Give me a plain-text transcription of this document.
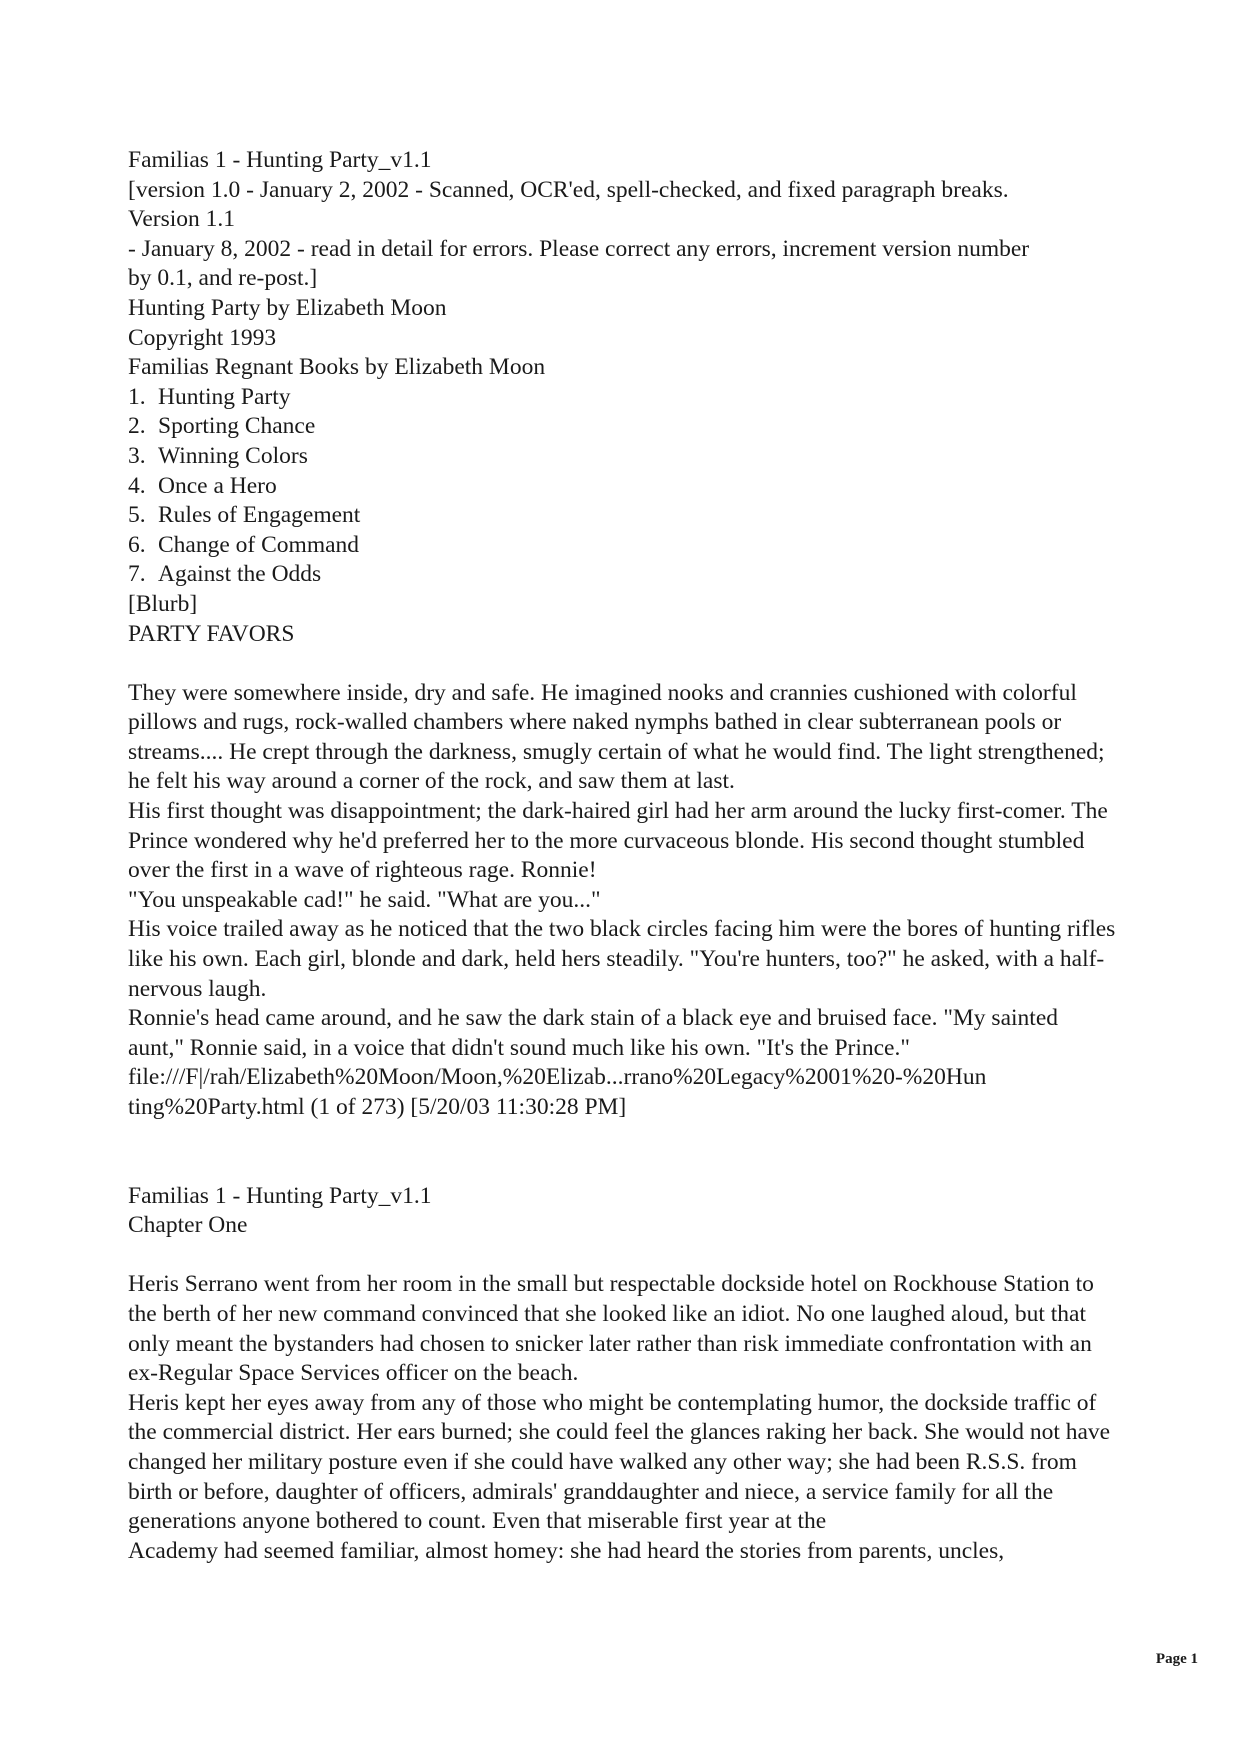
Familias 1 - Hunting Party_v1.1
[version 1.0 - January 2, 2002 - Scanned, OCR'ed, spell-checked, and fixed paragraph breaks.
Version 1.1
- January 8, 2002 - read in detail for errors. Please correct any errors, increment version number
by 0.1, and re-post.]
Hunting Party by Elizabeth Moon
Copyright 1993
Familias Regnant Books by Elizabeth Moon
1. Hunting Party
2. Sporting Chance
3. Winning Colors
4. Once a Hero
5. Rules of Engagement
6. Change of Command
7. Against the Odds
[Blurb]
PARTY FAVORS
They were somewhere inside, dry and safe. He imagined nooks and crannies cushioned with colorful pillows and rugs, rock-walled chambers where naked nymphs bathed in clear subterranean pools or streams.... He crept through the darkness, smugly certain of what he would find. The light strengthened; he felt his way around a corner of the rock, and saw them at last.
His first thought was disappointment; the dark-haired girl had her arm around the lucky first-comer. The Prince wondered why he'd preferred her to the more curvaceous blonde. His second thought stumbled over the first in a wave of righteous rage. Ronnie!
"You unspeakable cad!" he said. "What are you..."
His voice trailed away as he noticed that the two black circles facing him were the bores of hunting rifles like his own. Each girl, blonde and dark, held hers steadily. "You're hunters, too?" he asked, with a half-nervous laugh.
Ronnie's head came around, and he saw the dark stain of a black eye and bruised face. "My sainted aunt," Ronnie said, in a voice that didn't sound much like his own. "It's the Prince."
file:///F|/rah/Elizabeth%20Moon/Moon,%20Elizab...rrano%20Legacy%2001%20-%20Hun
ting%20Party.html (1 of 273) [5/20/03 11:30:28 PM]
Familias 1 - Hunting Party_v1.1
Chapter One
Heris Serrano went from her room in the small but respectable dockside hotel on Rockhouse Station to the berth of her new command convinced that she looked like an idiot. No one laughed aloud, but that only meant the bystanders had chosen to snicker later rather than risk immediate confrontation with an ex-Regular Space Services officer on the beach.
Heris kept her eyes away from any of those who might be contemplating humor, the dockside traffic of the commercial district. Her ears burned; she could feel the glances raking her back. She would not have changed her military posture even if she could have walked any other way; she had been R.S.S. from birth or before, daughter of officers, admirals' granddaughter and niece, a service family for all the generations anyone bothered to count. Even that miserable first year at the
Academy had seemed familiar, almost homey: she had heard the stories from parents, uncles,
Page 1
